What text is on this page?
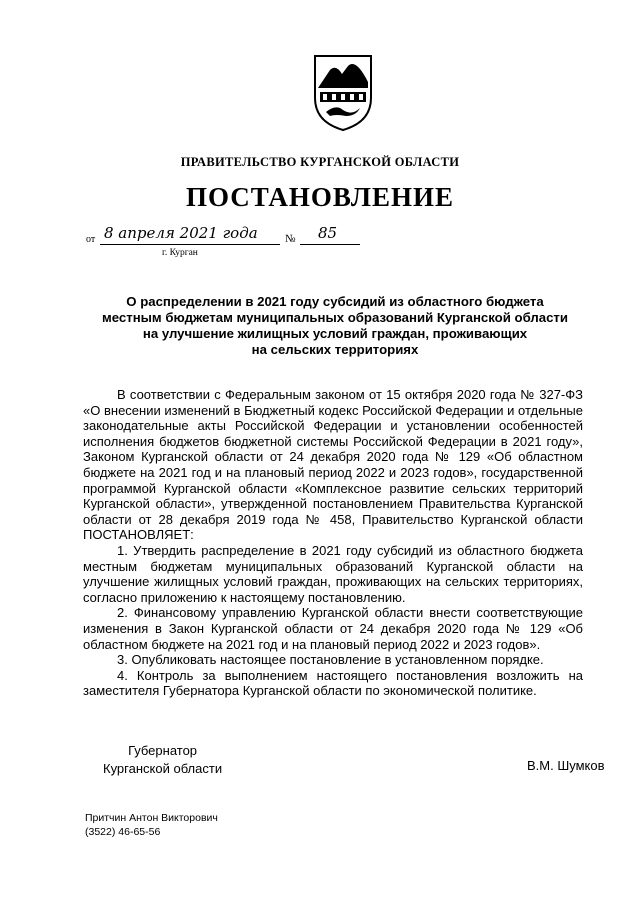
ПРАВИТЕЛЬСТВО КУРГАНСКОЙ ОБЛАСТИ
ПОСТАНОВЛЕНИЕ
от 8 апреля 2021 года № 85
г. Курган
О распределении в 2021 году субсидий из областного бюджета
местным бюджетам муниципальных образований Курганской области
на улучшение жилищных условий граждан, проживающих
на сельских территориях

В соответствии с Федеральным законом от 15 октября 2020 года № 327-ФЗ «О внесении изменений в Бюджетный кодекс Российской Федерации и отдельные законодательные акты Российской Федерации и установлении особенностей исполнения бюджетов бюджетной системы Российской Федерации в 2021 году», Законом Курганской области от 24 декабря 2020 года № 129 «Об областном бюджете на 2021 год и на плановый период 2022 и 2023 годов», государственной программой Курганской области «Комплексное развитие сельских территорий Курганской области», утвержденной постановлением Правительства Курганской области от 28 декабря 2019 года № 458, Правительство Курганской области ПОСТАНОВЛЯЕТ:

1. Утвердить распределение в 2021 году субсидий из областного бюджета местным бюджетам муниципальных образований Курганской области на улучшение жилищных условий граждан, проживающих на сельских территориях, согласно приложению к настоящему постановлению.

2. Финансовому управлению Курганской области внести соответствующие изменения в Закон Курганской области от 24 декабря 2020 года № 129 «Об областном бюджете на 2021 год и на плановый период 2022 и 2023 годов».

3. Опубликовать настоящее постановление в установленном порядке.

4. Контроль за выполнением настоящего постановления возложить на заместителя Губернатора Курганской области по экономической политике.

Губернатор
Курганской области	В.М. Шумков
Притчин Антон Викторович
(3522) 46-65-56
